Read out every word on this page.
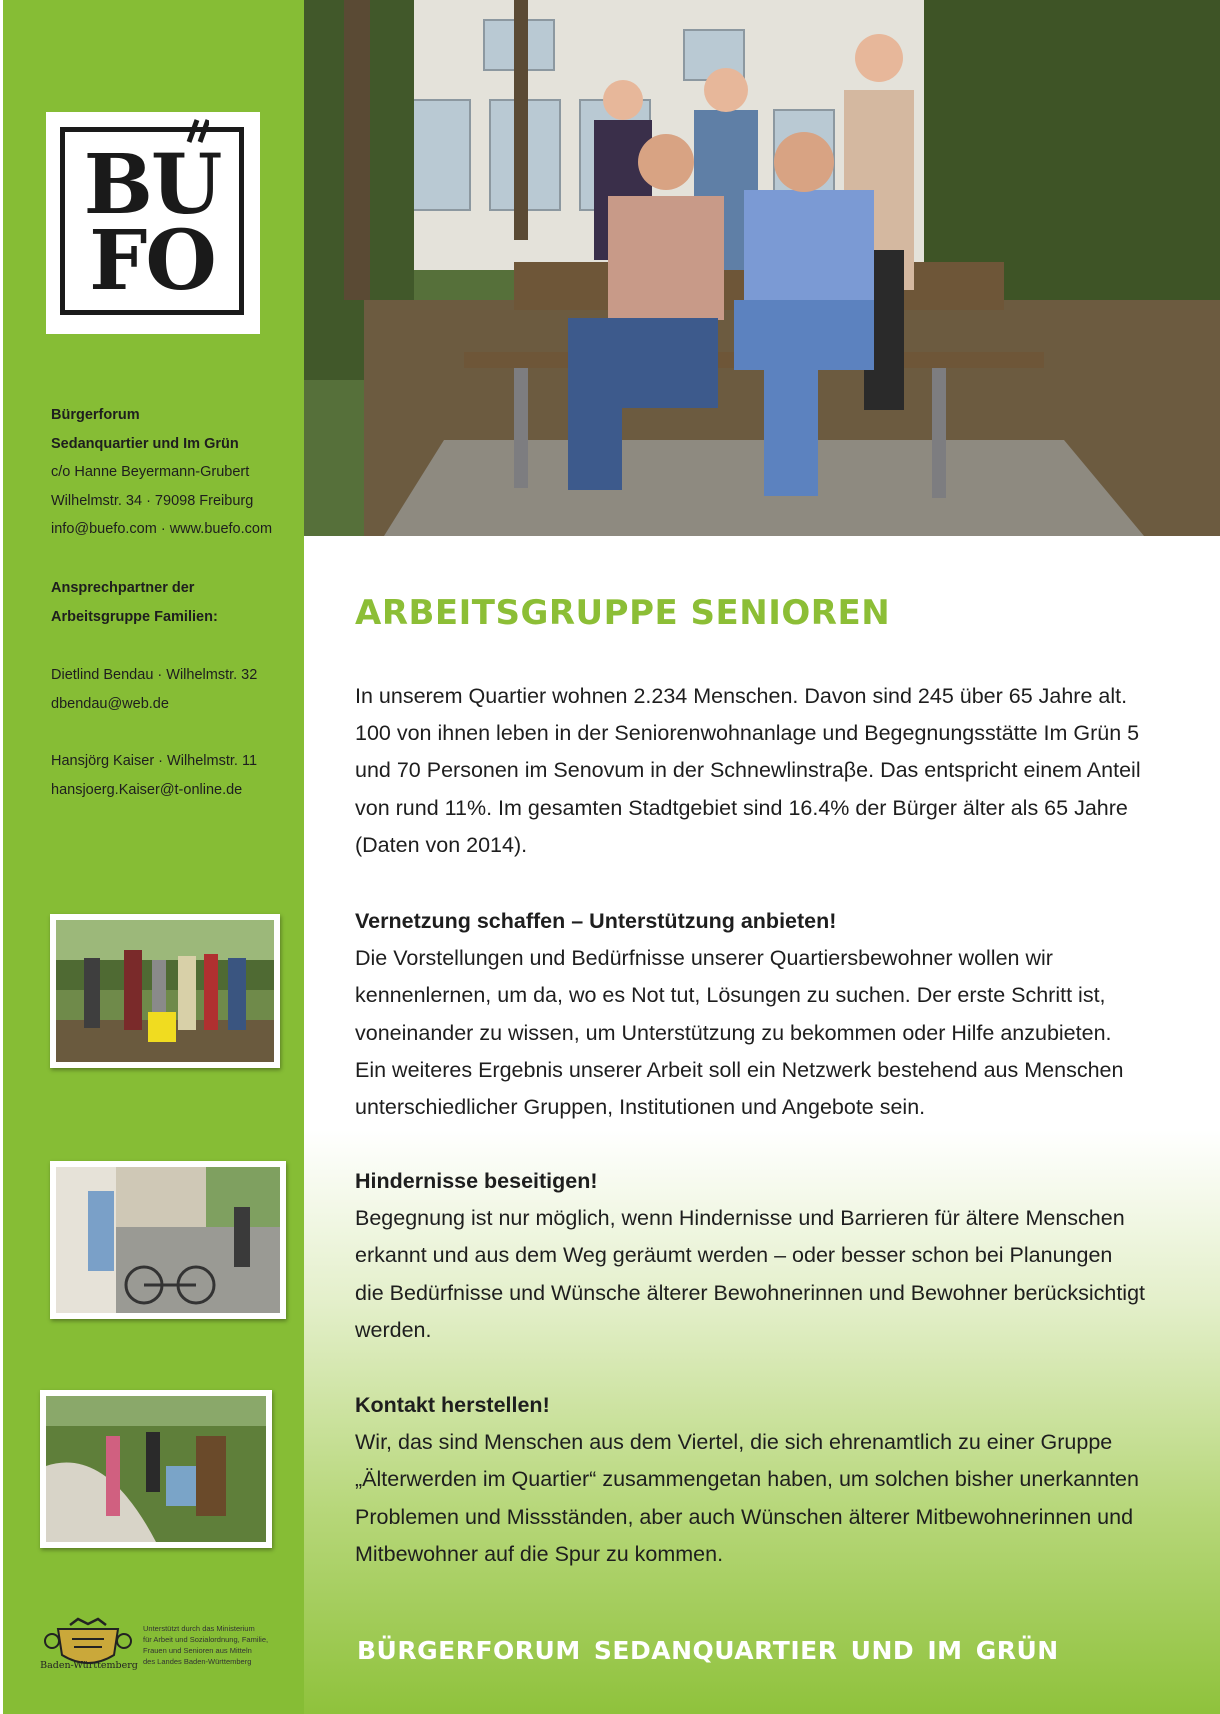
BU
FO
Bürgerforum
Sedanquartier und Im Grün
c/o Hanne Beyermann-Grubert
Wilhelmstr. 34 · 79098 Freiburg
info@buefo.com · www.buefo.com
Ansprechpartner der
Arbeitsgruppe Familien:
Dietlind Bendau · Wilhelmstr. 32
dbendau@web.de
Hansjörg Kaiser · Wilhelmstr. 11
hansjoerg.Kaiser@t-online.de
Baden-Württemberg
Unterstützt durch das Ministerium
für Arbeit und Sozialordnung, Familie,
Frauen und Senioren aus Mitteln
des Landes Baden-Württemberg
ARBEITSGRUPPE SENIOREN
In unserem Quartier wohnen 2.234 Menschen. Davon sind 245 über 65 Jahre alt.
100 von ihnen leben in der Seniorenwohnanlage und Begegnungsstätte Im Grün 5
und 70 Personen im Senovum in der Schnewlinstraβe. Das entspricht einem Anteil
von rund 11%. Im gesamten Stadtgebiet sind 16.4% der Bürger älter als 65 Jahre
(Daten von 2014).
Vernetzung schaffen – Unterstützung anbieten!
Die Vorstellungen und Bedürfnisse unserer Quartiersbewohner wollen wir
kennenlernen, um da, wo es Not tut, Lösungen zu suchen. Der erste Schritt ist,
voneinander zu wissen, um Unterstützung zu bekommen oder Hilfe anzubieten.
Ein weiteres Ergebnis unserer Arbeit soll ein Netzwerk bestehend aus Menschen
unterschiedlicher Gruppen, Institutionen und Angebote sein.
Hindernisse beseitigen!
Begegnung ist nur möglich, wenn Hindernisse und Barrieren für ältere Menschen
erkannt und aus dem Weg geräumt werden – oder besser schon bei Planungen
die Bedürfnisse und Wünsche älterer Bewohnerinnen und Bewohner berücksichtigt
werden.
Kontakt herstellen!
Wir, das sind Menschen aus dem Viertel, die sich ehrenamtlich zu einer Gruppe
„Älterwerden im Quartier“ zusammengetan haben, um solchen bisher unerkannten
Problemen und Missständen, aber auch Wünschen älterer Mitbewohnerinnen und
Mitbewohner auf die Spur zu kommen.
BÜRGERFORUM SEDANQUARTIER UND IM GRÜN
